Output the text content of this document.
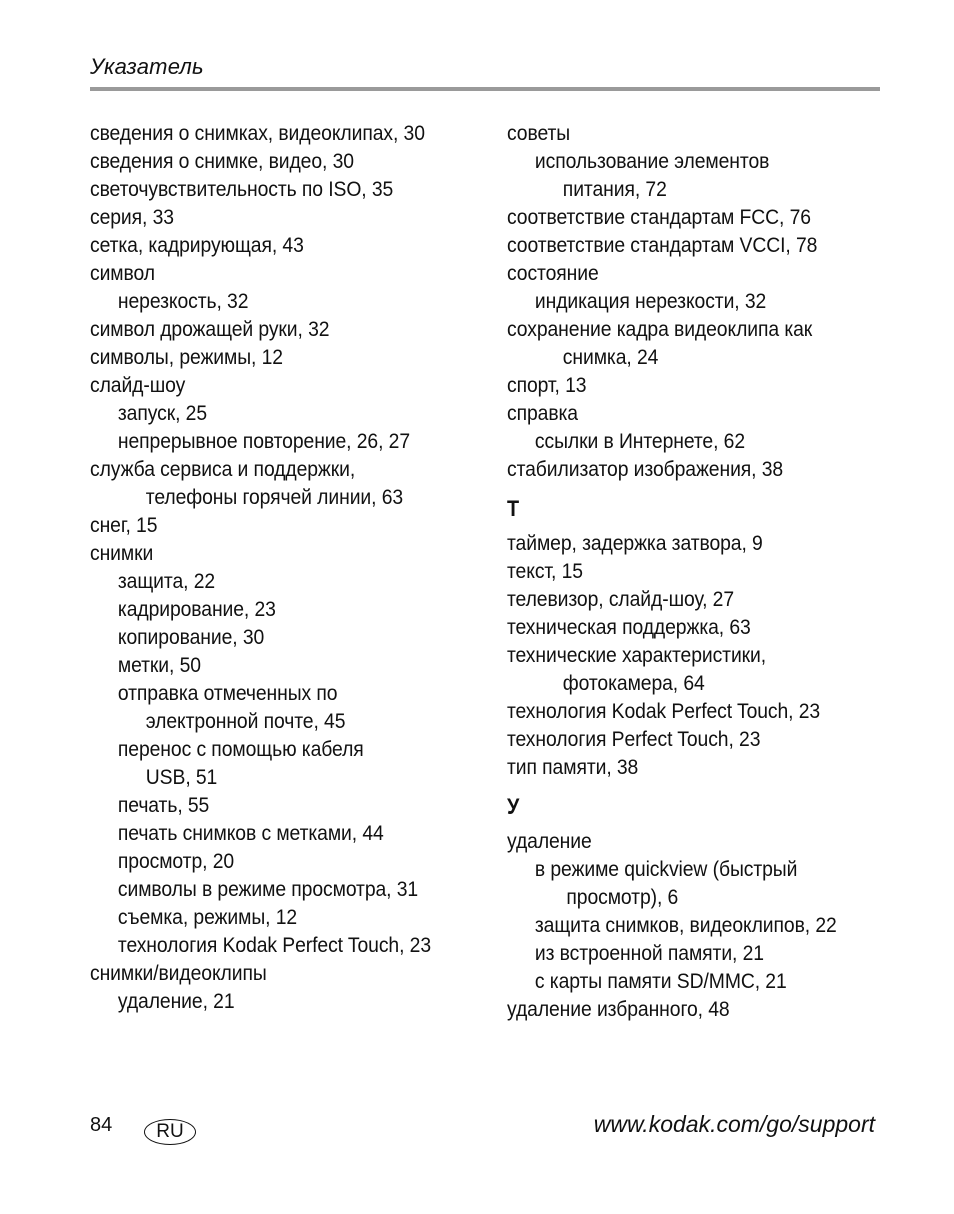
Указатель
сведения о снимках, видеоклипах, 30
сведения о снимке, видео, 30
светочувствительность по ISO, 35
серия, 33
сетка, кадрирующая, 43
символ
нерезкость, 32
символ дрожащей руки, 32
символы, режимы, 12
слайд-шоу
запуск, 25
непрерывное повторение, 26, 27
служба сервиса и поддержки,
телефоны горячей линии, 63
снег, 15
снимки
защита, 22
кадрирование, 23
копирование, 30
метки, 50
отправка отмеченных по
электронной почте, 45
перенос с помощью кабеля
USB, 51
печать, 55
печать снимков с метками, 44
просмотр, 20
символы в режиме просмотра, 31
съемка, режимы, 12
технология Kodak Perfect Touch, 23
снимки/видеоклипы
удаление, 21
советы
использование элементов
питания, 72
соответствие стандартам FCC, 76
соответствие стандартам VCCI, 78
состояние
индикация нерезкости, 32
сохранение кадра видеоклипа как
снимка, 24
спорт, 13
справка
ссылки в Интернете, 62
стабилизатор изображения, 38
Т
таймер, задержка затвора, 9
текст, 15
телевизор, слайд-шоу, 27
техническая поддержка, 63
технические характеристики,
фотокамера, 64
технология Kodak Perfect Touch, 23
технология Perfect Touch, 23
тип памяти, 38
У
удаление
в режиме quickview (быстрый
просмотр), 6
защита снимков, видеоклипов, 22
из встроенной памяти, 21
с карты памяти SD/MMC, 21
удаление избранного, 48
84	RU	www.kodak.com/go/support
